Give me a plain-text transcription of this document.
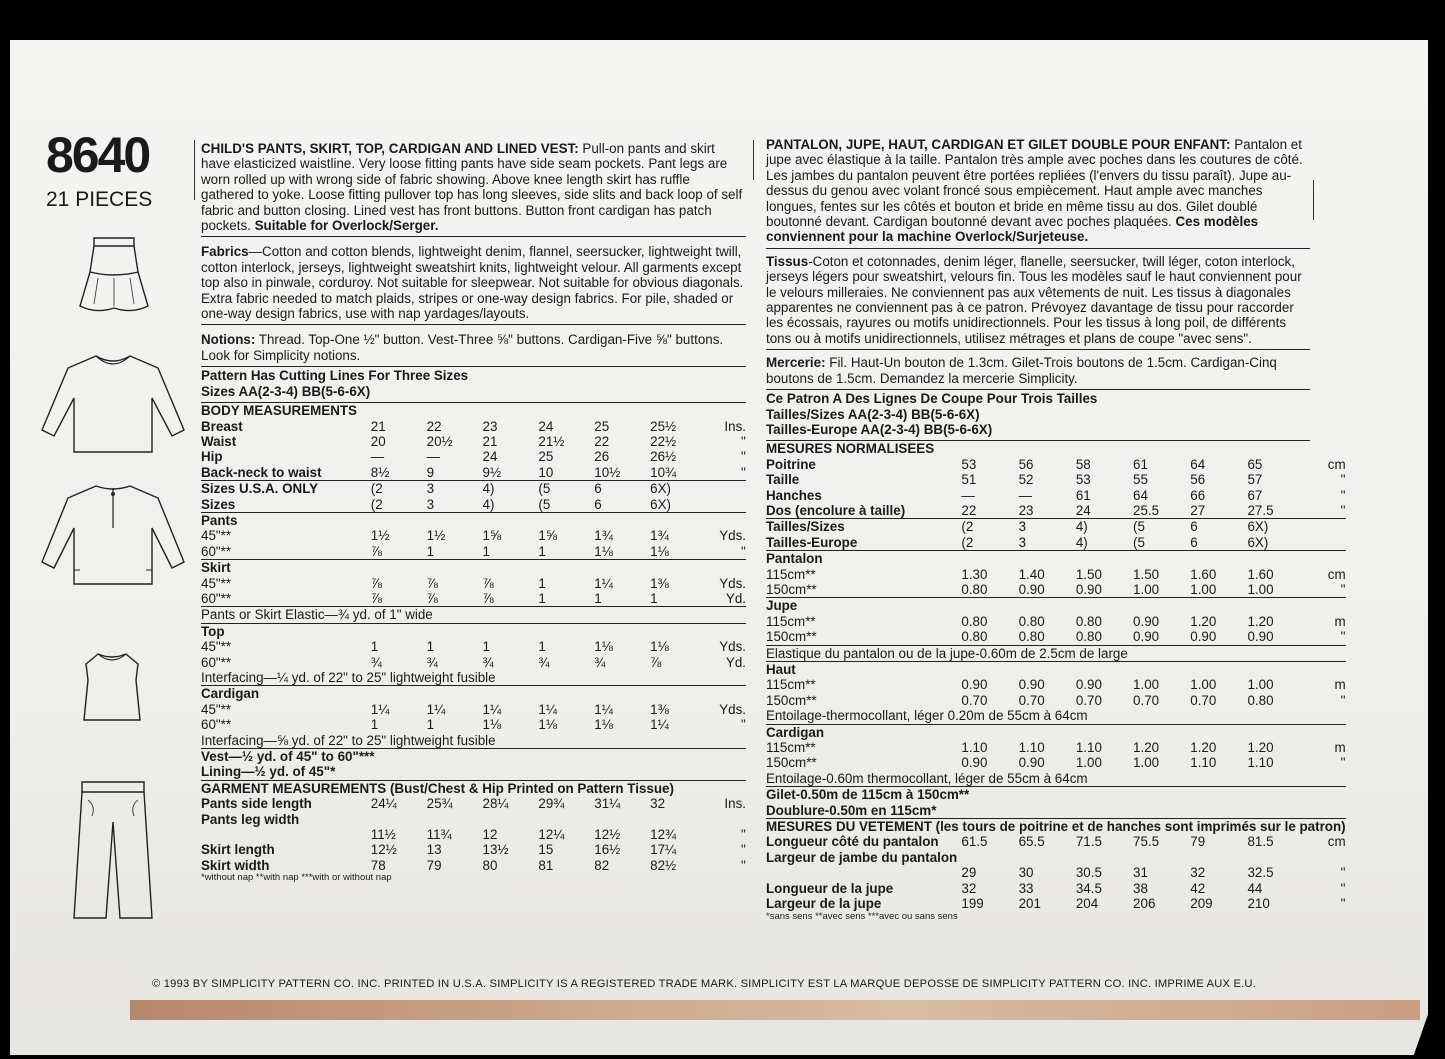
8640
21 PIECES

CHILD'S PANTS, SKIRT, TOP, CARDIGAN AND LINED VEST: Pull-on pants and skirt have elasticized waistline. Very loose fitting pants have side seam pockets. Pant legs are worn rolled up with wrong side of fabric showing. Above knee length skirt has ruffle gathered to yoke. Loose fitting pullover top has long sleeves, side slits and back loop of self fabric and button closing. Lined vest has front buttons. Button front cardigan has patch pockets. Suitable for Overlock/Serger.

Fabrics—Cotton and cotton blends, lightweight denim, flannel, seersucker, lightweight twill, cotton interlock, jerseys, lightweight sweatshirt knits, lightweight velour. All garments except top also in pinwale, corduroy. Not suitable for sleepwear. Not suitable for obvious diagonals. Extra fabric needed to match plaids, stripes or one-way design fabrics. For pile, shaded or one-way design fabrics, use with nap yardages/layouts.

Notions: Thread. Top-One ½" button. Vest-Three ⅝" buttons. Cardigan-Five ⅝" buttons. Look for Simplicity notions.

Pattern Has Cutting Lines For Three Sizes

Sizes AA(2-3-4) BB(5-6-6X)

BODY MEASUREMENTS							
Breast	21	22	23	24	25	25½	Ins.
Waist	20	20½	21	21½	22	22½	''
Hip	—	—	24	25	26	26½	''
Back-neck to waist	8½	9	9½	10	10½	10¾	''
Sizes U.S.A. ONLY	(2	3	4)	(5	6	6X)	
Sizes	(2	3	4)	(5	6	6X)	
Pants							
45"**	1½	1½	1⅝	1⅝	1¾	1¾	Yds.
60"**	⅞	1	1	1	1⅛	1⅛	''
Skirt							
45"**	⅞	⅞	⅞	1	1¼	1⅜	Yds.
60"**	⅞	⅞	⅞	1	1	1	Yd.
Pants or Skirt Elastic—¾ yd. of 1" wide							
Top							
45"**	1	1	1	1	1⅛	1⅛	Yds.
60"**	¾	¾	¾	¾	¾	⅞	Yd.
Interfacing—¼ yd. of 22" to 25" lightweight fusible							
Cardigan							
45"**	1¼	1¼	1¼	1¼	1¼	1⅜	Yds.
60"**	1	1	1⅛	1⅛	1⅛	1¼	''
Interfacing—⅝ yd. of 22" to 25" lightweight fusible							
Vest—½ yd. of 45" to 60"***							
Lining—½ yd. of 45"*							
GARMENT MEASUREMENTS (Bust/Chest & Hip Printed on Pattern Tissue)							
Pants side length	24¼	25¾	28¼	29¾	31¼	32	Ins.
Pants leg width							
	11½	11¾	12	12¼	12½	12¾	''
Skirt length	12½	13	13½	15	16½	17¼	''
Skirt width	78	79	80	81	82	82½	''
*without nap **with nap ***with or without nap

PANTALON, JUPE, HAUT, CARDIGAN ET GILET DOUBLE POUR ENFANT: Pantalon et jupe avec élastique à la taille. Pantalon très ample avec poches dans les coutures de côté. Les jambes du pantalon peuvent être portées repliées (l'envers du tissu paraît). Jupe au-dessus du genou avec volant froncé sous empiècement. Haut ample avec manches longues, fentes sur les côtés et bouton et bride en même tissu au dos. Gilet doublé boutonné devant. Cardigan boutonné devant avec poches plaquées. Ces modèles conviennent pour la machine Overlock/Surjeteuse.

Tissus-Coton et cotonnades, denim léger, flanelle, seersucker, twill léger, coton interlock, jerseys légers pour sweatshirt, velours fin. Tous les modèles sauf le haut conviennent pour le velours milleraies. Ne conviennent pas aux vêtements de nuit. Les tissus à diagonales apparentes ne conviennent pas à ce patron. Prévoyez davantage de tissu pour raccorder les écossais, rayures ou motifs unidirectionnels. Pour les tissus à long poil, de différents tons ou à motifs unidirectionnels, utilisez métrages et plans de coupe "avec sens".

Mercerie: Fil. Haut-Un bouton de 1.3cm. Gilet-Trois boutons de 1.5cm. Cardigan-Cinq boutons de 1.5cm. Demandez la mercerie Simplicity.

Ce Patron A Des Lignes De Coupe Pour Trois Tailles

Tailles/Sizes AA(2-3-4) BB(5-6-6X)

Tailles-Europe AA(2-3-4) BB(5-6-6X)

MESURES NORMALISEES							
Poitrine	53	56	58	61	64	65	cm
Taille	51	52	53	55	56	57	''
Hanches	—	—	61	64	66	67	''
Dos (encolure à taille)	22	23	24	25.5	27	27.5	''
Tailles/Sizes	(2	3	4)	(5	6	6X)	
Tailles-Europe	(2	3	4)	(5	6	6X)	
Pantalon							
115cm**	1.30	1.40	1.50	1.50	1.60	1.60	cm
150cm**	0.80	0.90	0.90	1.00	1.00	1.00	''
Jupe							
115cm**	0.80	0.80	0.80	0.90	1.20	1.20	m
150cm**	0.80	0.80	0.80	0.90	0.90	0.90	''
Elastique du pantalon ou de la jupe-0.60m de 2.5cm de large							
Haut							
115cm**	0.90	0.90	0.90	1.00	1.00	1.00	m
150cm**	0.70	0.70	0.70	0.70	0.70	0.80	''
Entoilage-thermocollant, léger 0.20m de 55cm à 64cm							
Cardigan							
115cm**	1.10	1.10	1.10	1.20	1.20	1.20	m
150cm**	0.90	0.90	1.00	1.00	1.10	1.10	''
Entoilage-0.60m thermocollant, léger de 55cm à 64cm							
Gilet-0.50m de 115cm à 150cm**							
Doublure-0.50m en 115cm*							
MESURES DU VETEMENT (les tours de poitrine et de hanches sont imprimés sur le patron)							
Longueur côté du pantalon	61.5	65.5	71.5	75.5	79	81.5	cm
Largeur de jambe du pantalon							
	29	30	30.5	31	32	32.5	''
Longueur de la jupe	32	33	34.5	38	42	44	''
Largeur de la jupe	199	201	204	206	209	210	''
*sans sens **avec sens ***avec ou sans sens
© 1993 BY SIMPLICITY PATTERN CO. INC. PRINTED IN U.S.A. SIMPLICITY IS A REGISTERED TRADE MARK. SIMPLICITY EST LA MARQUE DEPOSSE DE SIMPLICITY PATTERN CO. INC. IMPRIME AUX E.U.
